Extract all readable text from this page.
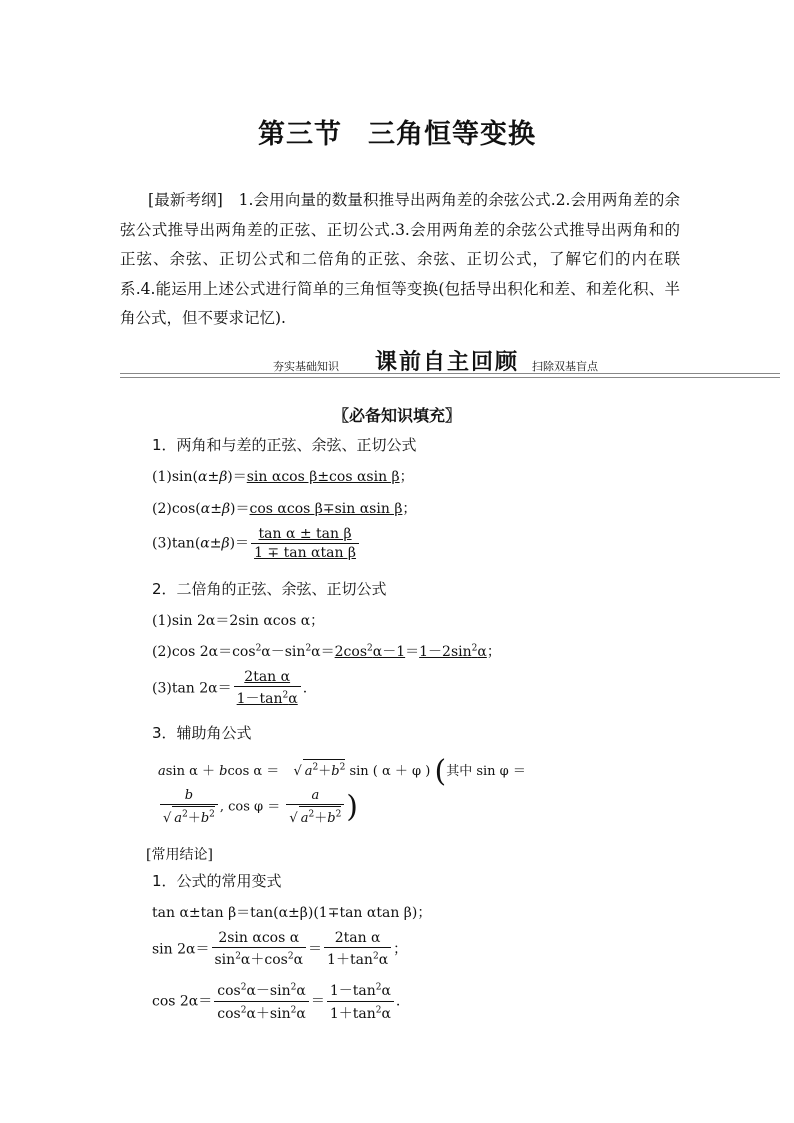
第三节 三角恒等变换
[最新考纲]　1.会用向量的数量积推导出两角差的余弦公式.2.会用两角差的余弦公式推导出两角差的正弦、正切公式.3.会用两角差的余弦公式推导出两角和的正弦、余弦、正切公式和二倍角的正弦、余弦、正切公式，了解它们的内在联系.4.能运用上述公式进行简单的三角恒等变换(包括导出积化和差、和差化积、半角公式，但不要求记忆).
夯实基础知识 课前自主回顾 扫除双基盲点
〖必备知识填充〗
1．两角和与差的正弦、余弦、正切公式
(1)sin(α±β)＝sin αcos β±cos αsin β；
(2)cos(α±β)＝cos αcos β∓sin αsin β；
$(3)\tan(\alpha\pm\beta)= \frac{\text{tan α ± tan β}}{\text{1 ∓ tan αtan β}}$
2．二倍角的正弦、余弦、正切公式
(1)sin 2α＝2sin αcos α；
(2)cos $2\alpha=\cos^2\alpha-\sin^2\alpha=2\cos^2\alpha-1=1-2\sin^2\alpha$；
(3)tan $2\alpha= \frac{\text{2tan α}}{1-\tan^2\alpha}$ .
3．辅助角公式
asin α ＋ bcos α ＝ √ $a^2+b^2$ sin ( α ＋ φ ) (其中 sin φ ＝
$\frac{b}{√ a^2+b^2}$ , $\cos \varphi = \frac{a}{√ a^2+b^2}$ )
[常用结论]
1．公式的常用变式
tan α±tan β＝tan(α±β)(1∓tan αtan β)；
$\sin 2\alpha= \frac{\text{2sin αcos α}}{\sin^2\alpha+\cos^2\alpha} = \frac{\text{2tan α}}{1+\tan^2\alpha}$ ；
$\cos 2\alpha= \frac{\cos^2\alpha-\sin^2\alpha}{\cos^2\alpha+\sin^2\alpha} = \frac{1-\tan^2\alpha}{1+\tan^2\alpha}$ .
